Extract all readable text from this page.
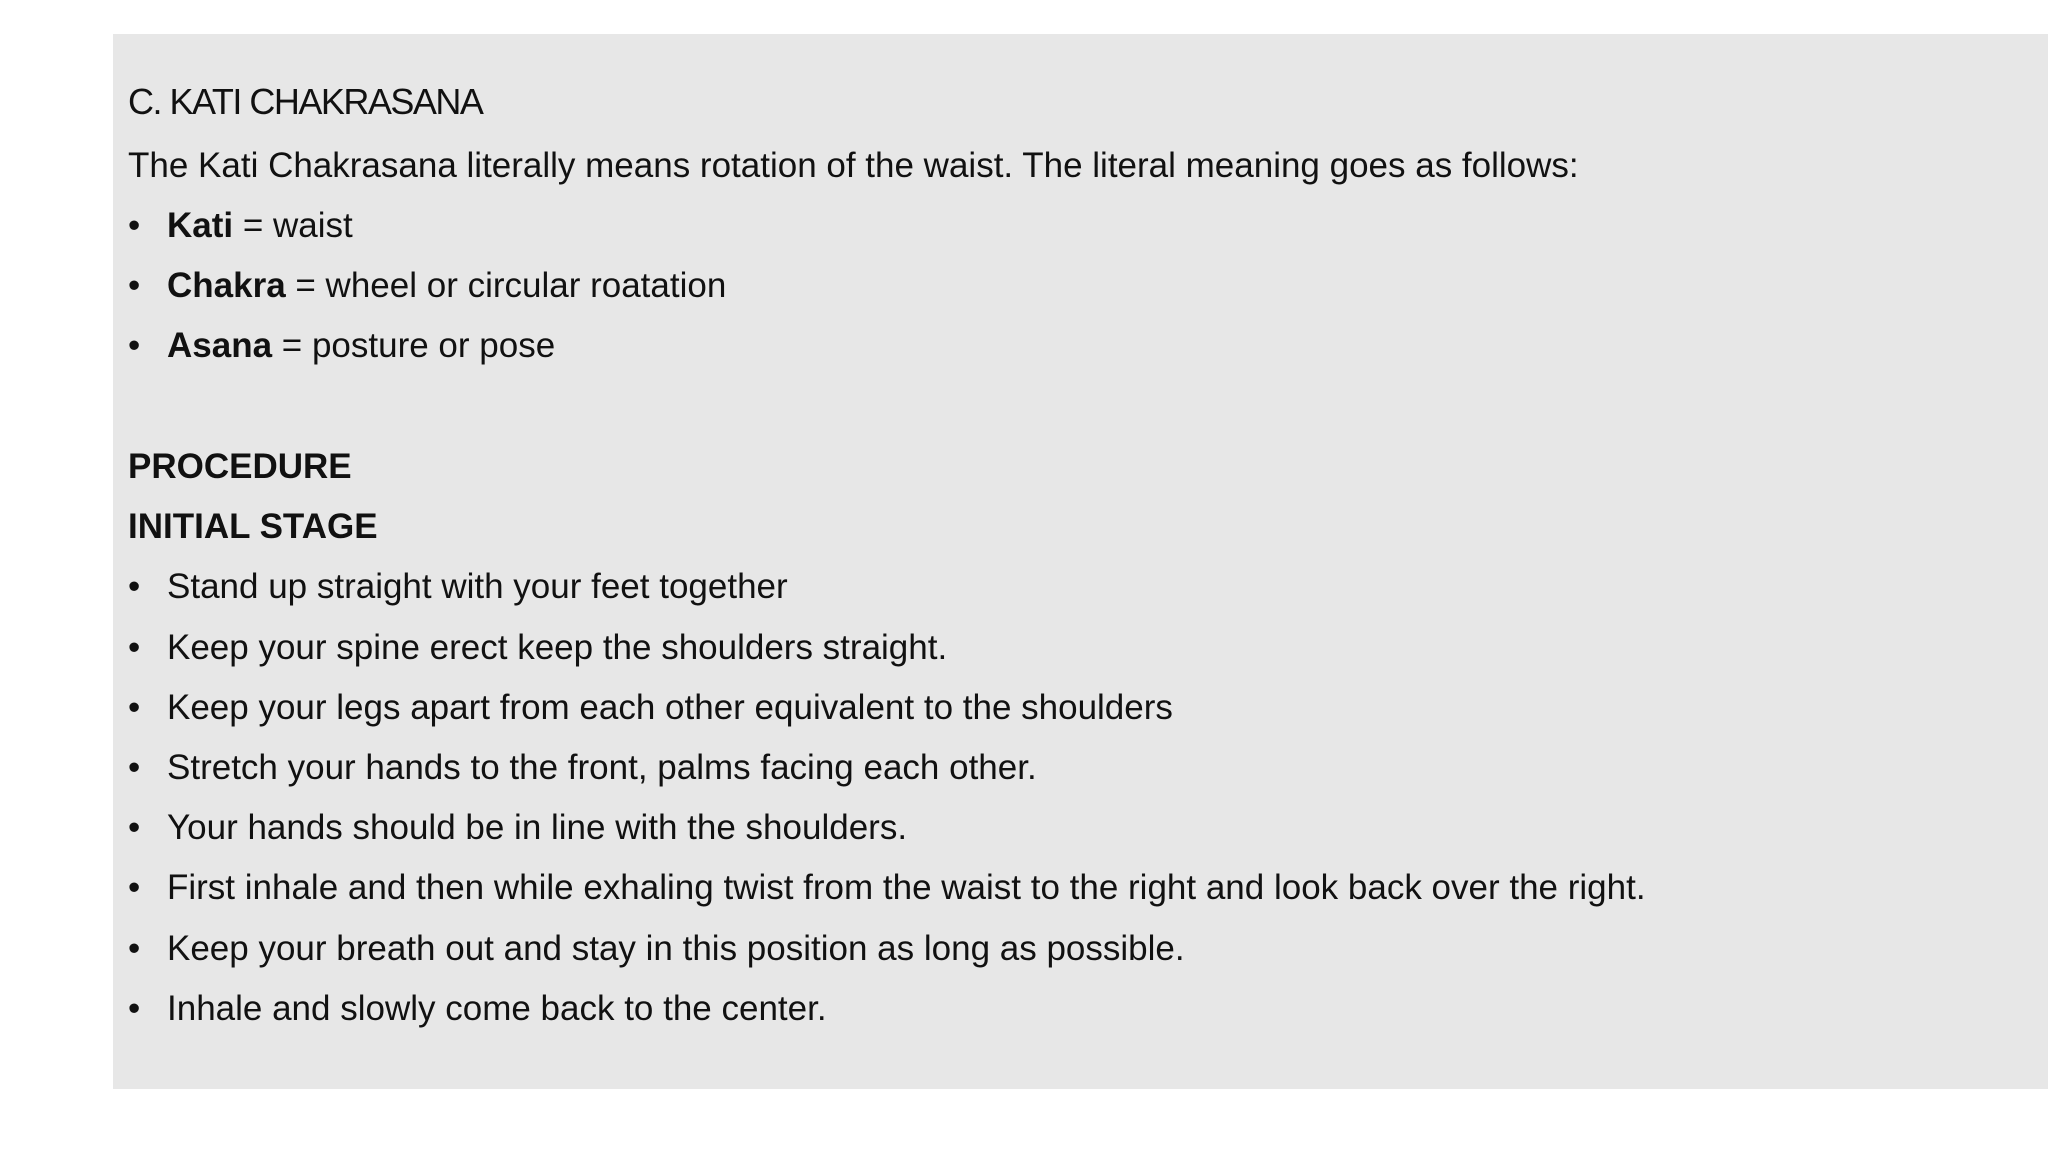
C. KATI CHAKRASANA
The Kati Chakrasana literally means rotation of the waist. The literal meaning goes as follows:
• Kati = waist
• Chakra = wheel or circular roatation
• Asana = posture or pose
PROCEDURE
INITIAL STAGE
• Stand up straight with your feet together
• Keep your spine erect keep the shoulders straight.
• Keep your legs apart from each other equivalent to the shoulders
• Stretch your hands to the front, palms facing each other.
• Your hands should be in line with the shoulders.
• First inhale and then while exhaling twist from the waist to the right and look back over the right.
• Keep your breath out and stay in this position as long as possible.
• Inhale and slowly come back to the center.
